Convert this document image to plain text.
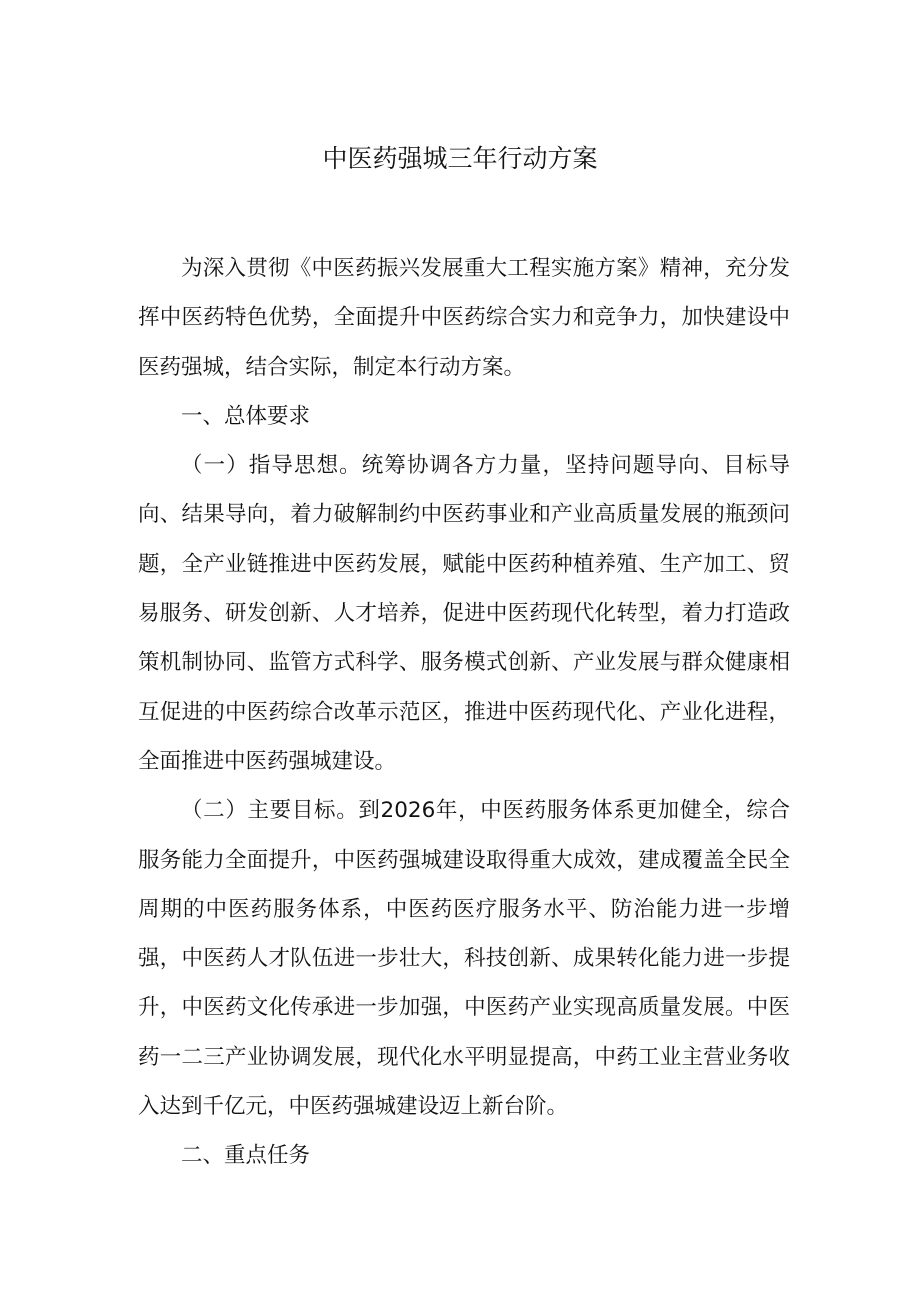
中医药强城三年行动方案

为深入贯彻《中医药振兴发展重大工程实施方案》精神，充分发挥中医药特色优势，全面提升中医药综合实力和竞争力，加快建设中医药强城，结合实际，制定本行动方案。

一、总体要求

（一）指导思想。统筹协调各方力量，坚持问题导向、目标导向、结果导向，着力破解制约中医药事业和产业高质量发展的瓶颈问题，全产业链推进中医药发展，赋能中医药种植养殖、生产加工、贸易服务、研发创新、人才培养，促进中医药现代化转型，着力打造政策机制协同、监管方式科学、服务模式创新、产业发展与群众健康相互促进的中医药综合改革示范区，推进中医药现代化、产业化进程，全面推进中医药强城建设。

（二）主要目标。到2026年，中医药服务体系更加健全，综合服务能力全面提升，中医药强城建设取得重大成效，建成覆盖全民全周期的中医药服务体系，中医药医疗服务水平、防治能力进一步增强，中医药人才队伍进一步壮大，科技创新、成果转化能力进一步提升，中医药文化传承进一步加强，中医药产业实现高质量发展。中医药一二三产业协调发展，现代化水平明显提高，中药工业主营业务收入达到千亿元，中医药强城建设迈上新台阶。

二、重点任务
